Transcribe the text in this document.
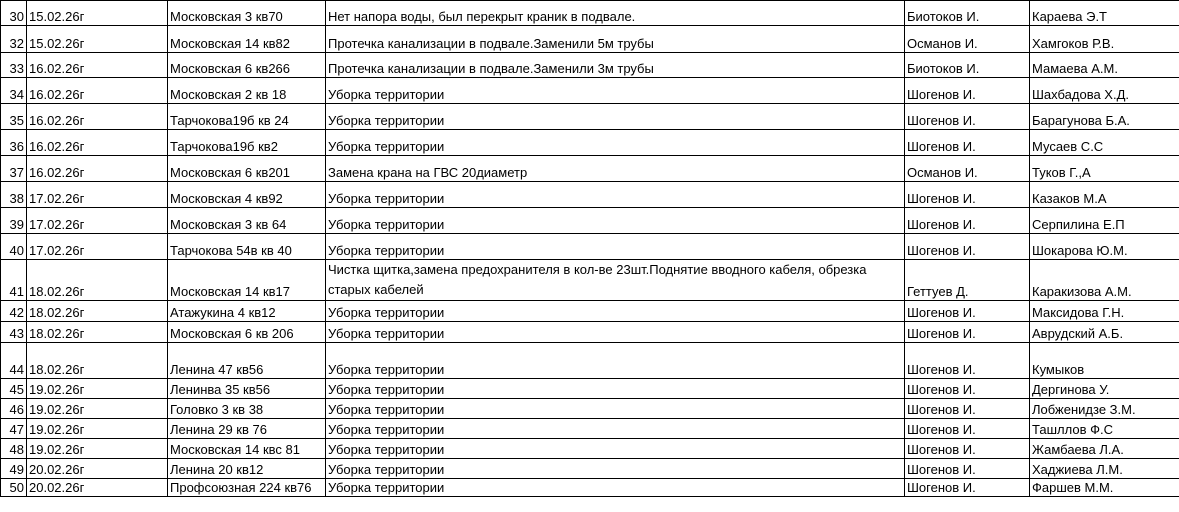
30	15.02.26г	Московская 3 кв70	Нет напора воды, был перекрыт краник в подвале.	Биотоков И.	Караева Э.Т
32	15.02.26г	Московская 14 кв82	Протечка канализации в подвале.Заменили 5м трубы	Османов И.	Хамгоков Р.В.
33	16.02.26г	Московская 6 кв266	Протечка канализации в подвале.Заменили 3м трубы	Биотоков И.	Мамаева А.М.
34	16.02.26г	Московская 2 кв 18	Уборка территории	Шогенов И.	Шахбадова Х.Д.
35	16.02.26г	Тарчокова19б кв 24	Уборка территории	Шогенов И.	Барагунова Б.А.
36	16.02.26г	Тарчокова19б кв2	Уборка территории	Шогенов И.	Мусаев С.С
37	16.02.26г	Московская 6 кв201	Замена крана на ГВС 20диаметр	Османов И.	Туков Г.,А
38	17.02.26г	Московская 4 кв92	Уборка территории	Шогенов И.	Казаков М.А
39	17.02.26г	Московская 3 кв 64	Уборка территории	Шогенов И.	Серпилина Е.П
40	17.02.26г	Тарчокова 54в кв 40	Уборка территории	Шогенов И.	Шокарова Ю.М.
41	18.02.26г	Московская 14 кв17	Чистка щитка,замена предохранителя в кол-ве 23шт.Поднятие вводного кабеля, обрезка старых кабелей	Геттуев Д.	Каракизова А.М.
42	18.02.26г	Атажукина 4 кв12	Уборка территории	Шогенов И.	Максидова Г.Н.
43	18.02.26г	Московская 6 кв 206	Уборка территории	Шогенов И.	Аврудский А.Б.
44	18.02.26г	Ленина 47 кв56	Уборка территории	Шогенов И.	Кумыков
45	19.02.26г	Ленинва 35 кв56	Уборка территории	Шогенов И.	Дергинова У.
46	19.02.26г	Головко 3 кв 38	Уборка территории	Шогенов И.	Лобженидзе З.М.
47	19.02.26г	Ленина 29 кв 76	Уборка территории	Шогенов И.	Ташллов Ф.С
48	19.02.26г	Московская 14 квс 81	Уборка территории	Шогенов И.	Жамбаева Л.А.
49	20.02.26г	Ленина 20 кв12	Уборка территории	Шогенов И.	Хаджиева Л.М.
50	20.02.26г	Профсоюзная 224 кв76	Уборка территории	Шогенов И.	Фаршев М.М.
